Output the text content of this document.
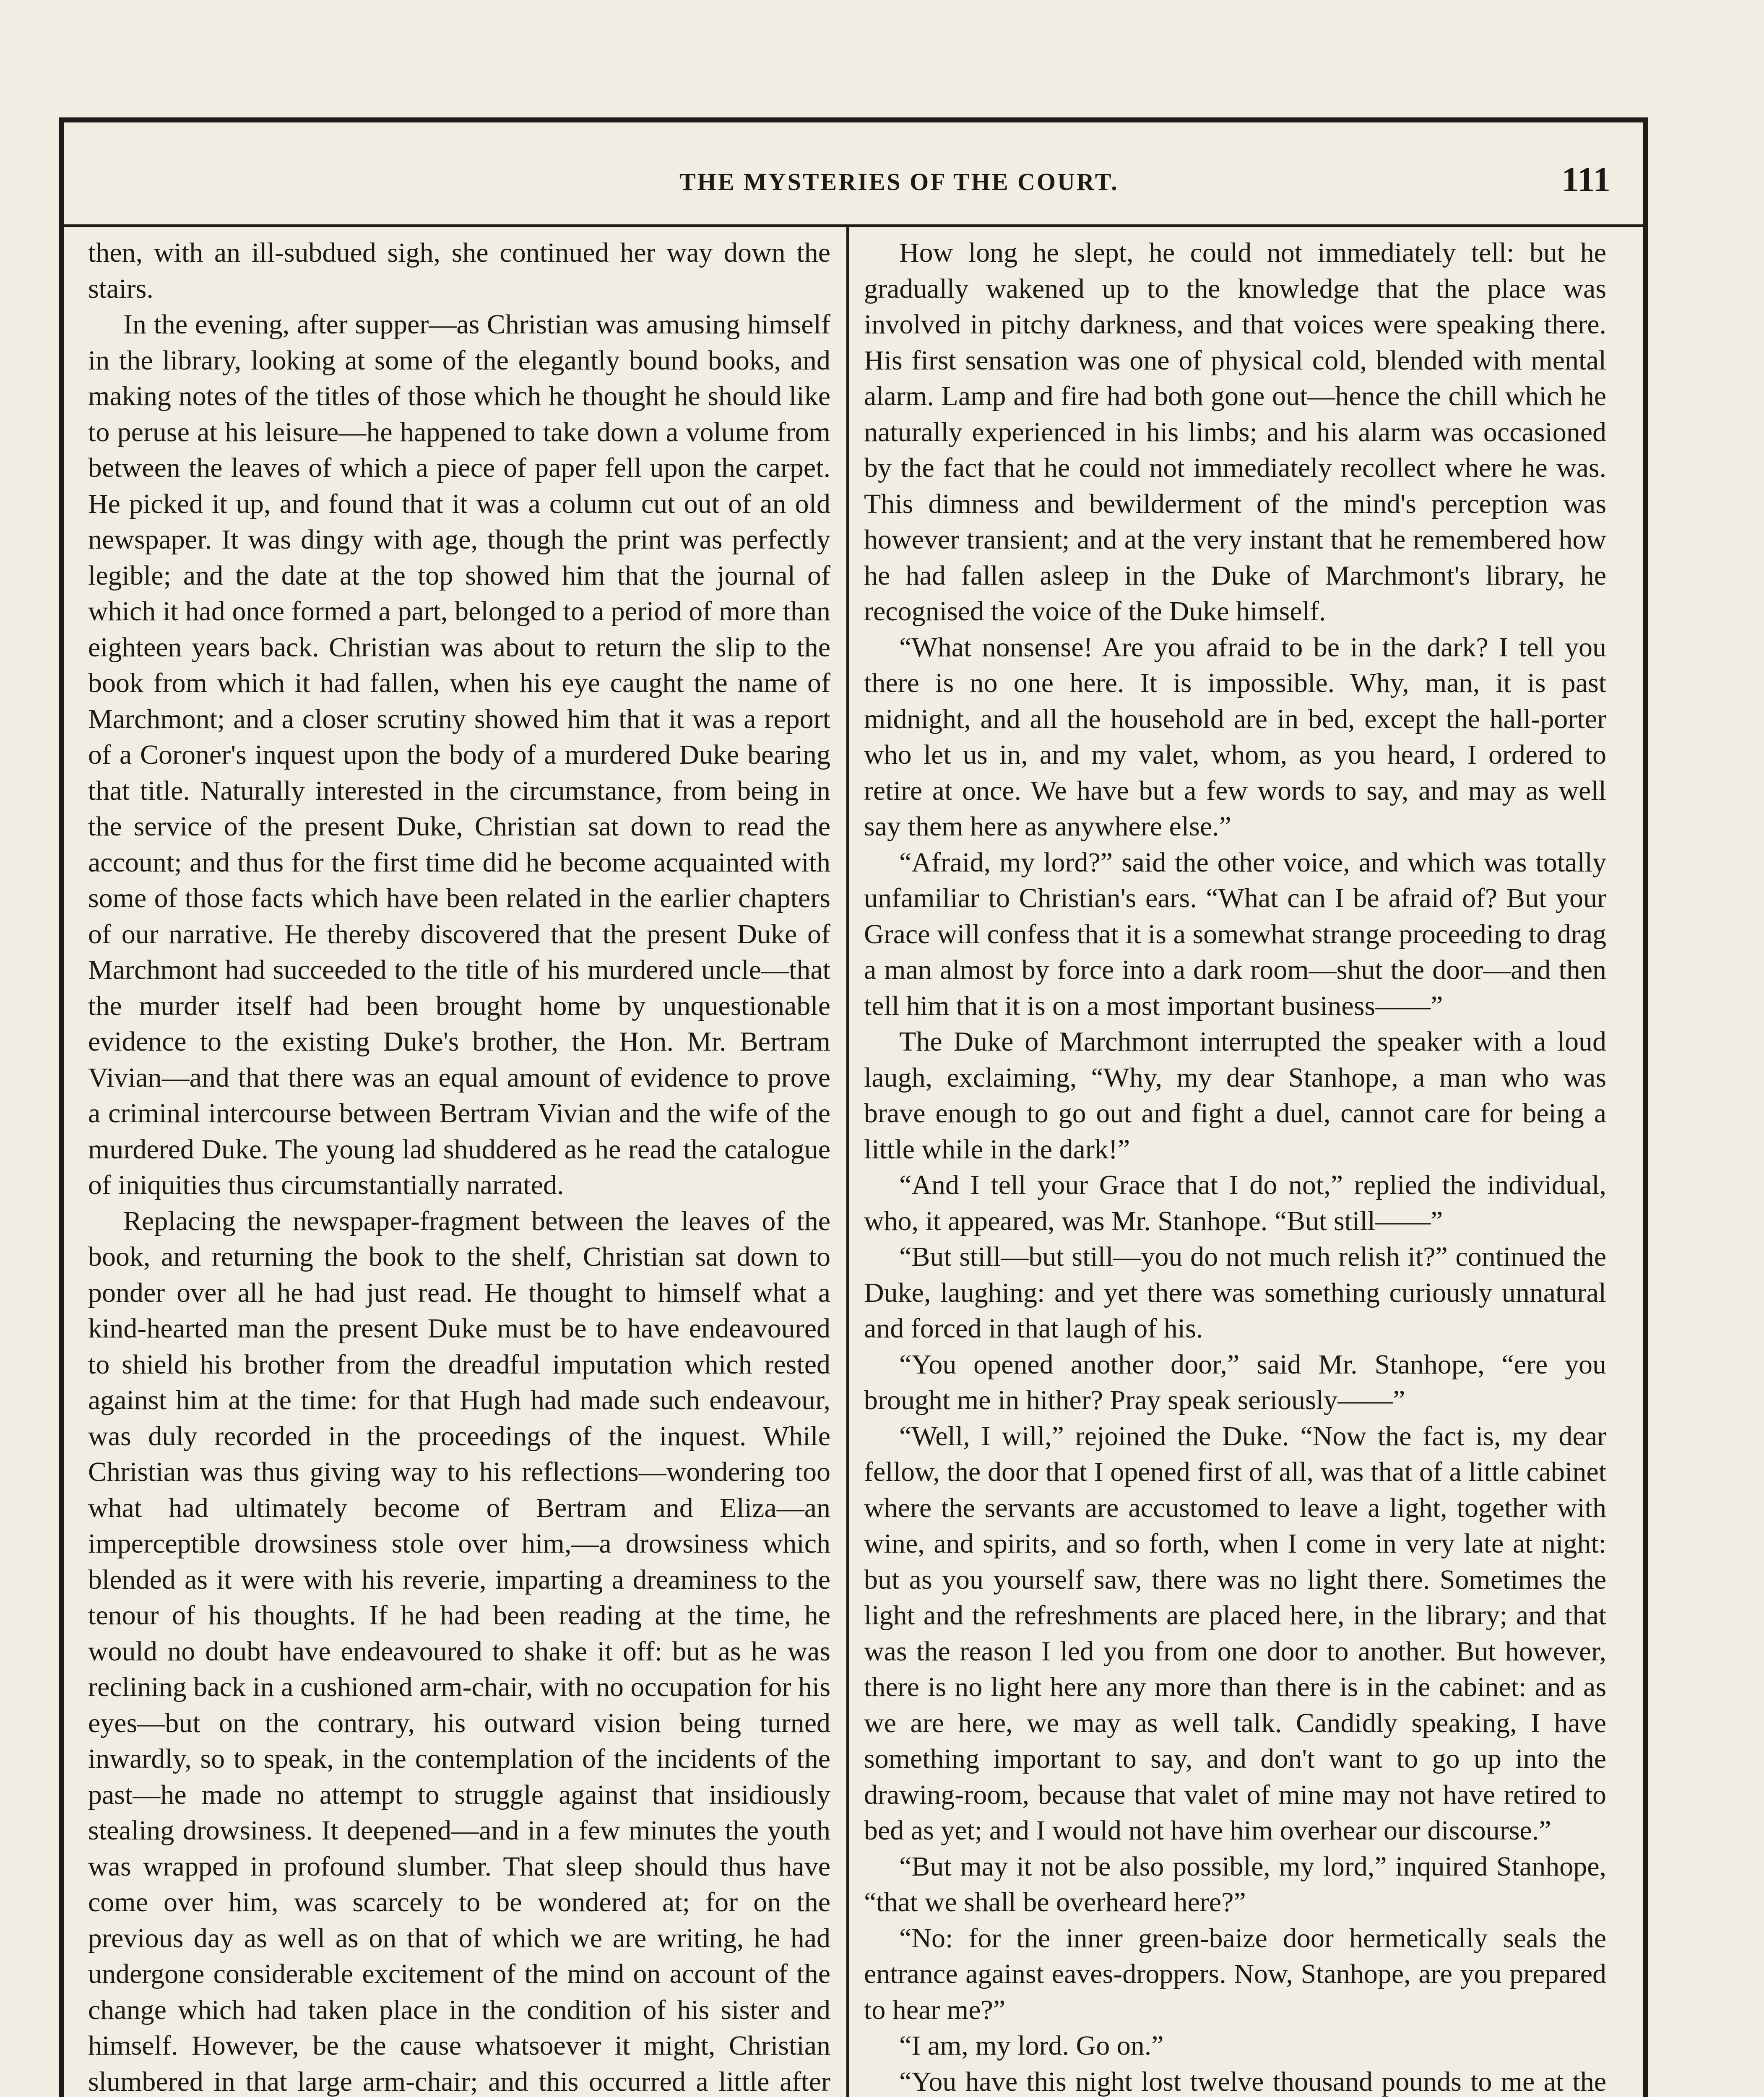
THE MYSTERIES OF THE COURT.	111

then, with an ill-subdued sigh, she continued her way down the stairs.

In the evening, after supper—as Christian was amusing himself in the library, looking at some of the elegantly bound books, and making notes of the titles of those which he thought he should like to peruse at his leisure—he happened to take down a volume from between the leaves of which a piece of paper fell upon the carpet. He picked it up, and found that it was a column cut out of an old newspaper. It was dingy with age, though the print was perfectly legible; and the date at the top showed him that the journal of which it had once formed a part, belonged to a period of more than eighteen years back. Christian was about to return the slip to the book from which it had fallen, when his eye caught the name of Marchmont; and a closer scrutiny showed him that it was a report of a Coroner's inquest upon the body of a murdered Duke bearing that title. Naturally interested in the circumstance, from being in the service of the present Duke, Christian sat down to read the account; and thus for the first time did he become acquainted with some of those facts which have been related in the earlier chapters of our narrative. He thereby discovered that the present Duke of Marchmont had succeeded to the title of his murdered uncle—that the murder itself had been brought home by unquestionable evidence to the existing Duke's brother, the Hon. Mr. Bertram Vivian—and that there was an equal amount of evidence to prove a criminal intercourse between Bertram Vivian and the wife of the murdered Duke. The young lad shuddered as he read the catalogue of iniquities thus circumstantially narrated.

Replacing the newspaper-fragment between the leaves of the book, and returning the book to the shelf, Christian sat down to ponder over all he had just read. He thought to himself what a kind-hearted man the present Duke must be to have endeavoured to shield his brother from the dreadful imputation which rested against him at the time: for that Hugh had made such endeavour, was duly recorded in the proceedings of the inquest. While Christian was thus giving way to his reflections—wondering too what had ultimately become of Bertram and Eliza—an imperceptible drowsiness stole over him,—a drowsiness which blended as it were with his reverie, imparting a dreaminess to the tenour of his thoughts. If he had been reading at the time, he would no doubt have endeavoured to shake it off: but as he was reclining back in a cushioned arm-chair, with no occupation for his eyes—but on the contrary, his outward vision being turned inwardly, so to speak, in the contemplation of the incidents of the past—he made no attempt to struggle against that insidiously stealing drowsiness. It deepened—and in a few minutes the youth was wrapped in profound slumber. That sleep should thus have come over him, was scarcely to be wondered at; for on the previous day as well as on that of which we are writing, he had undergone considerable excitement of the mind on account of the change which had taken place in the condition of his sister and himself. However, be the cause whatsoever it might, Christian slumbered in that large arm-chair; and this occurred a little after

How long he slept, he could not immediately tell: but he gradually wakened up to the knowledge that the place was involved in pitchy darkness, and that voices were speaking there. His first sensation was one of physical cold, blended with mental alarm. Lamp and fire had both gone out—hence the chill which he naturally experienced in his limbs; and his alarm was occasioned by the fact that he could not immediately recollect where he was. This dimness and bewilderment of the mind's perception was however transient; and at the very instant that he remembered how he had fallen asleep in the Duke of Marchmont's library, he recognised the voice of the Duke himself.

“What nonsense! Are you afraid to be in the dark? I tell you there is no one here. It is impossible. Why, man, it is past midnight, and all the household are in bed, except the hall-porter who let us in, and my valet, whom, as you heard, I ordered to retire at once. We have but a few words to say, and may as well say them here as anywhere else.”

“Afraid, my lord?” said the other voice, and which was totally unfamiliar to Christian's ears. “What can I be afraid of? But your Grace will confess that it is a somewhat strange proceeding to drag a man almost by force into a dark room—shut the door—and then tell him that it is on a most important business——”

The Duke of Marchmont interrupted the speaker with a loud laugh, exclaiming, “Why, my dear Stanhope, a man who was brave enough to go out and fight a duel, cannot care for being a little while in the dark!”

“And I tell your Grace that I do not,” replied the individual, who, it appeared, was Mr. Stanhope. “But still——”

“But still—but still—you do not much relish it?” continued the Duke, laughing: and yet there was something curiously unnatural and forced in that laugh of his.

“You opened another door,” said Mr. Stanhope, “ere you brought me in hither? Pray speak seriously——”

“Well, I will,” rejoined the Duke. “Now the fact is, my dear fellow, the door that I opened first of all, was that of a little cabinet where the servants are accustomed to leave a light, together with wine, and spirits, and so forth, when I come in very late at night: but as you yourself saw, there was no light there. Sometimes the light and the refreshments are placed here, in the library; and that was the reason I led you from one door to another. But however, there is no light here any more than there is in the cabinet: and as we are here, we may as well talk. Candidly speaking, I have something important to say, and don't want to go up into the drawing-room, because that valet of mine may not have retired to bed as yet; and I would not have him overhear our discourse.”

“But may it not be also possible, my lord,” inquired Stanhope, “that we shall be overheard here?”

“No: for the inner green-baize door hermetically seals the entrance against eaves-droppers. Now, Stanhope, are you prepared to hear me?”

“I am, my lord. Go on.”

“You have this night lost twelve thousand pounds to me at the
